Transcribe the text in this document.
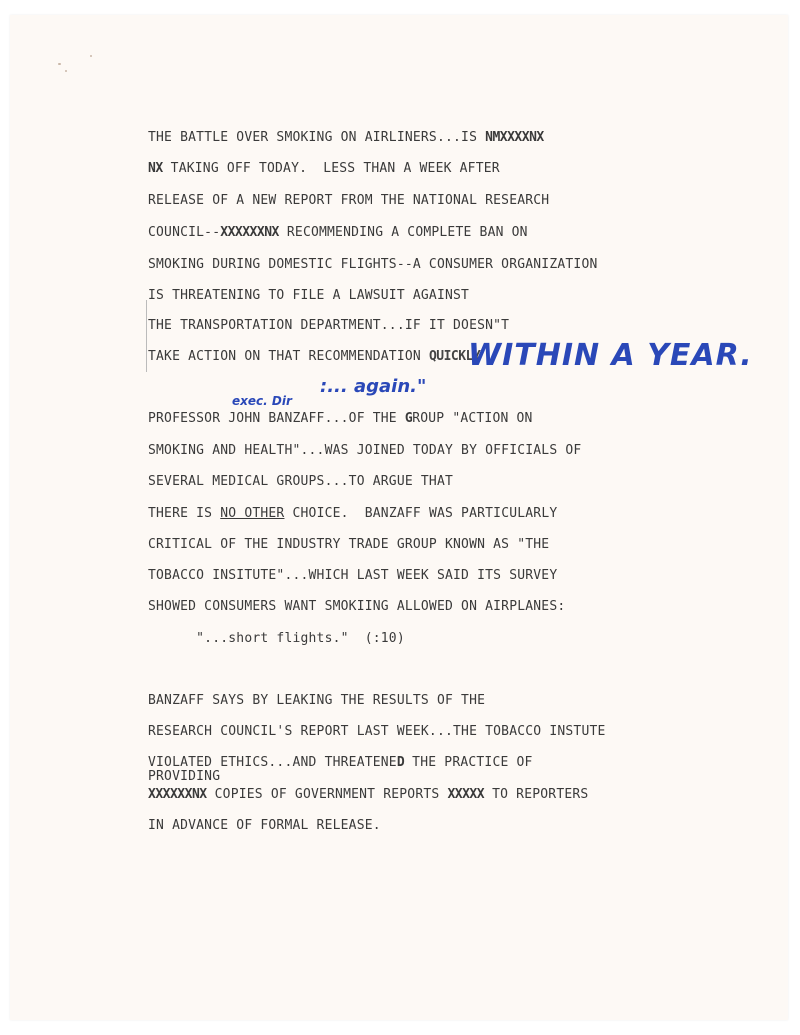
THE BATTLE OVER SMOKING ON AIRLINERS...IS NMXXXXNX
NX TAKING OFF TODAY.  LESS THAN A WEEK AFTER
RELEASE OF A NEW REPORT FROM THE NATIONAL RESEARCH
COUNCIL--XXXXXXNX RECOMMENDING A COMPLETE BAN ON
SMOKING DURING DOMESTIC FLIGHTS--A CONSUMER ORGANIZATION
IS THREATENING TO FILE A LAWSUIT AGAINST
THE TRANSPORTATION DEPARTMENT...IF IT DOESN"T
TAKE ACTION ON THAT RECOMMENDATION QUICKLY
WITHIN A YEAR.
exec. Dir
:... again."
PROFESSOR JOHN BANZAFF...OF THE GROUP "ACTION ON
SMOKING AND HEALTH"...WAS JOINED TODAY BY OFFICIALS OF
SEVERAL MEDICAL GROUPS...TO ARGUE THAT
THERE IS NO OTHER CHOICE.  BANZAFF WAS PARTICULARLY
CRITICAL OF THE INDUSTRY TRADE GROUP KNOWN AS "THE
TOBACCO INSITUTE"...WHICH LAST WEEK SAID ITS SURVEY
SHOWED CONSUMERS WANT SMOKIING ALLOWED ON AIRPLANES:
"...short flights."  (:10)
BANZAFF SAYS BY LEAKING THE RESULTS OF THE
RESEARCH COUNCIL'S REPORT LAST WEEK...THE TOBACCO INSTUTE
VIOLATED ETHICS...AND THREATENED THE PRACTICE OF
PROVIDING
XXXXXXNX COPIES OF GOVERNMENT REPORTS XXXXX TO REPORTERS
IN ADVANCE OF FORMAL RELEASE.
